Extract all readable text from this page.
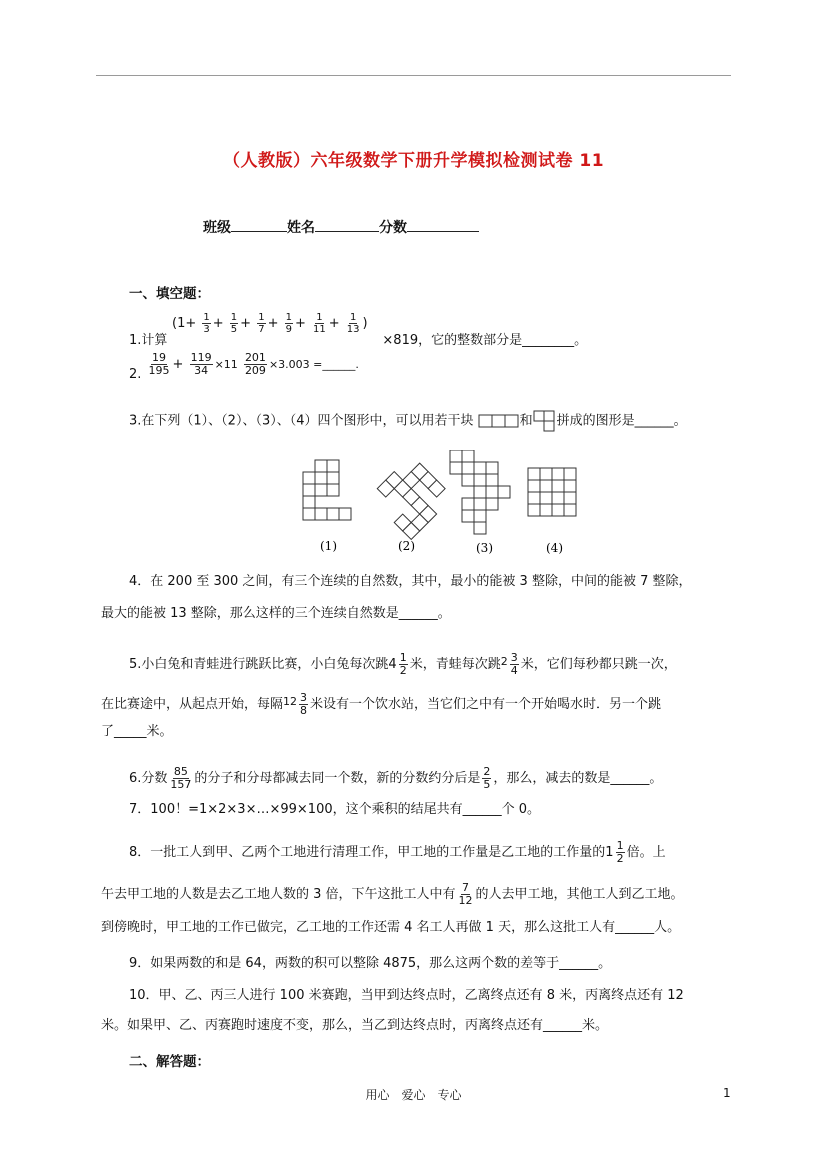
（人教版）六年级数学下册升学模拟检测试卷 11
班级	姓名	分数
一、填空题：
($1+ \frac{1}{3} + \frac{1}{5} + \frac{1}{7} + \frac{1}{9} + \frac{1}{11} + \frac{1}{13}$ )
1.计算	×819，它的整数部分是________。
2. $\frac{19}{195} + \frac{119}{34} \times 11 \frac{201}{209} \times 3.003$ =______.
3.在下列（1）、（2）、（3）、（4）四个图形中，可以用若干块	和 拼成的图形是______。
(1)	(2)	(3)	(4)
4．在 200 至 300 之间，有三个连续的自然数，其中，最小的能被 3 整除，中间的能被 7 整除，
最大的能被 13 整除，那么这样的三个连续自然数是______。
5.小白兔和青蛙进行跳跃比赛，小白兔每次跳$4 \frac{1}{2}$ 米，青蛙每次跳$^2 \frac{3}{4}$ 米，它们每秒都只跳一次，
在比赛途中，从起点开始，每隔$^{12} \frac{3}{8}$ 米设有一个饮水站，当它们之中有一个开始喝水时．另一个跳
了_____米。
6.分数 $\frac{85}{157}$ 的分子和分母都减去同一个数，新的分数约分后是 $\frac{2}{5}$ ，那么，减去的数是______。
7．100！=1×2×3×…×99×100，这个乘积的结尾共有______个 0。
8．一批工人到甲、乙两个工地进行清理工作，甲工地的工作量是乙工地的工作量的$1 \frac{1}{2}$ 倍。上
午去甲工地的人数是去乙工地人数的 3 倍，下午这批工人中有 $\frac{7}{12}$ 的人去甲工地，其他工人到乙工地。
到傍晚时，甲工地的工作已做完，乙工地的工作还需 4 名工人再做 1 天，那么这批工人有______人。
9．如果两数的和是 64，两数的积可以整除 4875，那么这两个数的差等于______。
10．甲、乙、丙三人进行 100 米赛跑，当甲到达终点时，乙离终点还有 8 米，丙离终点还有 12
米。如果甲、乙、丙赛跑时速度不变，那么，当乙到达终点时，丙离终点还有______米。
二、解答题：
用心　爱心　专心	1
